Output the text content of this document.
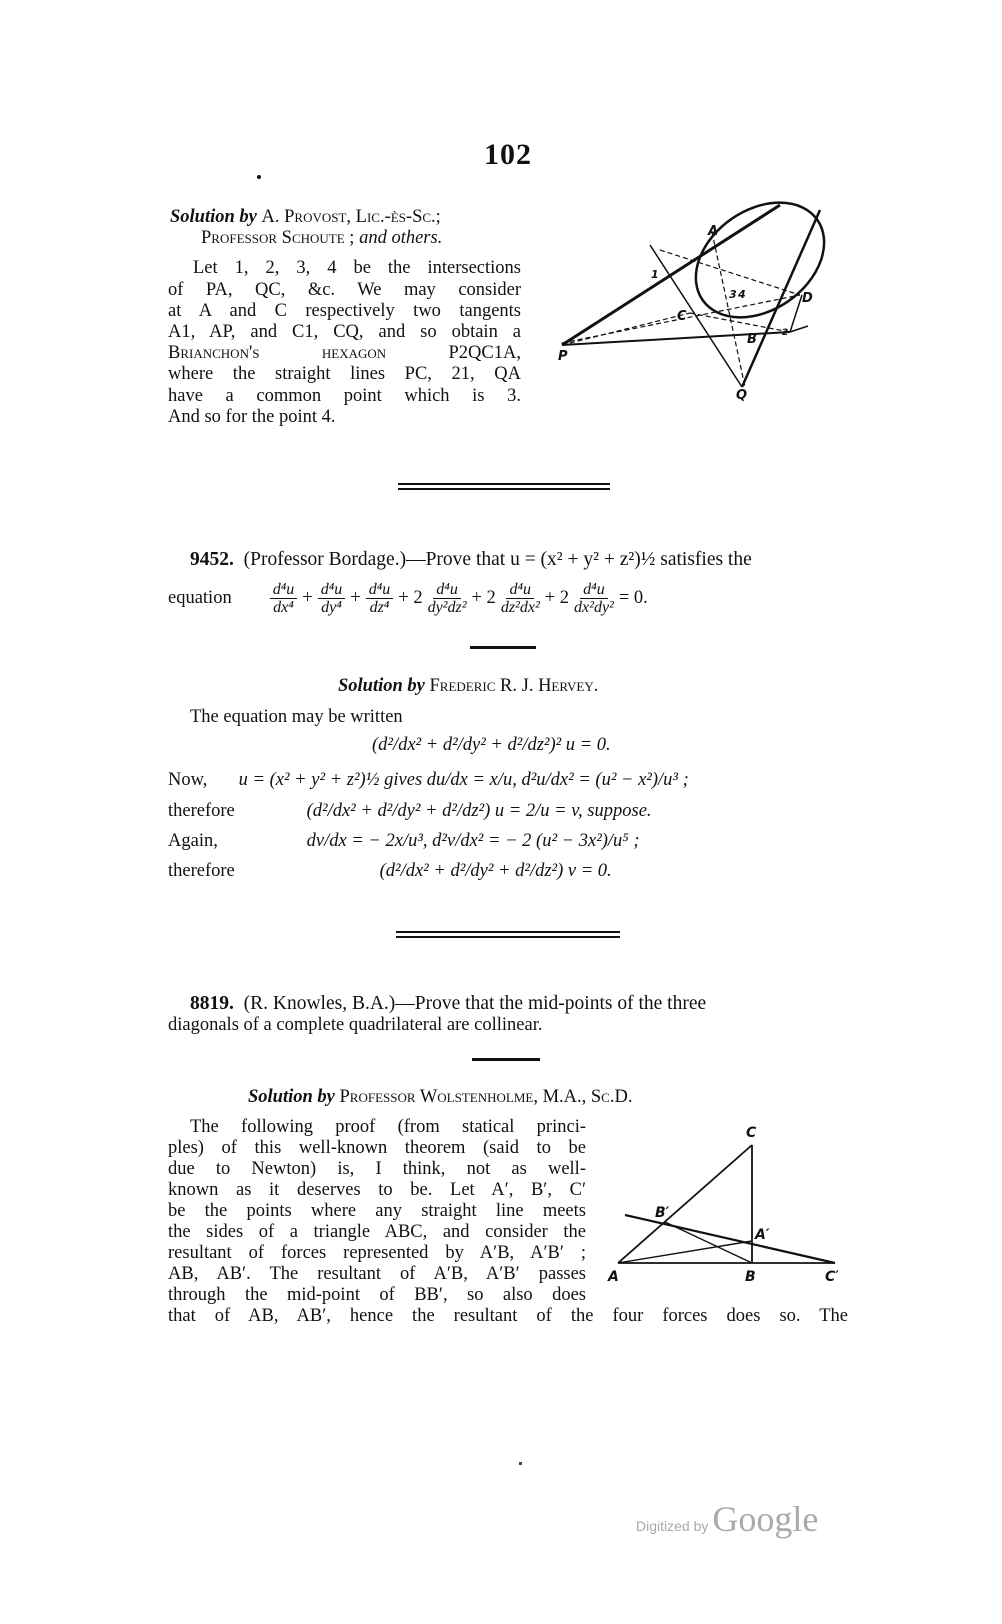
102
Solution by A. Provost, Lic.-ès-Sc.;
Professor Schoute ; and others.
Let 1, 2, 3, 4 be the intersections
of PA, QC, &c. We may consider
at A and C respectively two tangents
A1, AP, and C1, CQ, and so obtain a
Brianchon's hexagon P2QC1A,
where the straight lines PC, 21, QA
have a common point which is 3.
And so for the point 4.
A
1
3 4	D
C
B	2
P
Q
9452. (Professor Bordage.)—Prove that u = (x² + y² + z²)½ satisfies the
equation $\frac{\text{d⁴u}}{\text{dx⁴}} + \frac{\text{d⁴u}}{\text{dy⁴}} + \frac{\text{d⁴u}}{\text{dz⁴}} + 2 \frac{\text{d⁴u}}{\text{dy²dz²}} + 2 \frac{\text{d⁴u}}{\text{dz²dx²}} + 2 \frac{\text{d⁴u}}{\text{dx²dy²}} = 0$.
Solution by Frederic R. J. Hervey.
The equation may be written
(d²/dx² + d²/dy² + d²/dz²)² u = 0.
Now, u = (x² + y² + z²)½ gives du/dx = x/u, d²u/dx² = (u² − x²)/u³ ;
therefore	(d²/dx² + d²/dy² + d²/dz²) u = 2/u = v, suppose.
Again,	dv/dx = − 2x/u³, d²v/dx² = − 2 (u² − 3x²)/u⁵ ;
therefore	(d²/dx² + d²/dy² + d²/dz²) v = 0.
8819. (R. Knowles, B.A.)—Prove that the mid-points of the three
diagonals of a complete quadrilateral are collinear.
Solution by Professor Wolstenholme, M.A., Sc.D.
The following proof (from statical princi-
ples) of this well-known theorem (said to be
due to Newton) is, I think, not as well-
known as it deserves to be. Let A′, B′, C′
be the points where any straight line meets
the sides of a triangle ABC, and consider the
resultant of forces represented by A′B, A′B′ ;
AB, AB′. The resultant of A′B, A′B′ passes
through the mid-point of BB′, so also does
that of AB, AB′, hence the resultant of the four forces does so. The
C
B′
A′
A	B	C′
Digitized by Google
